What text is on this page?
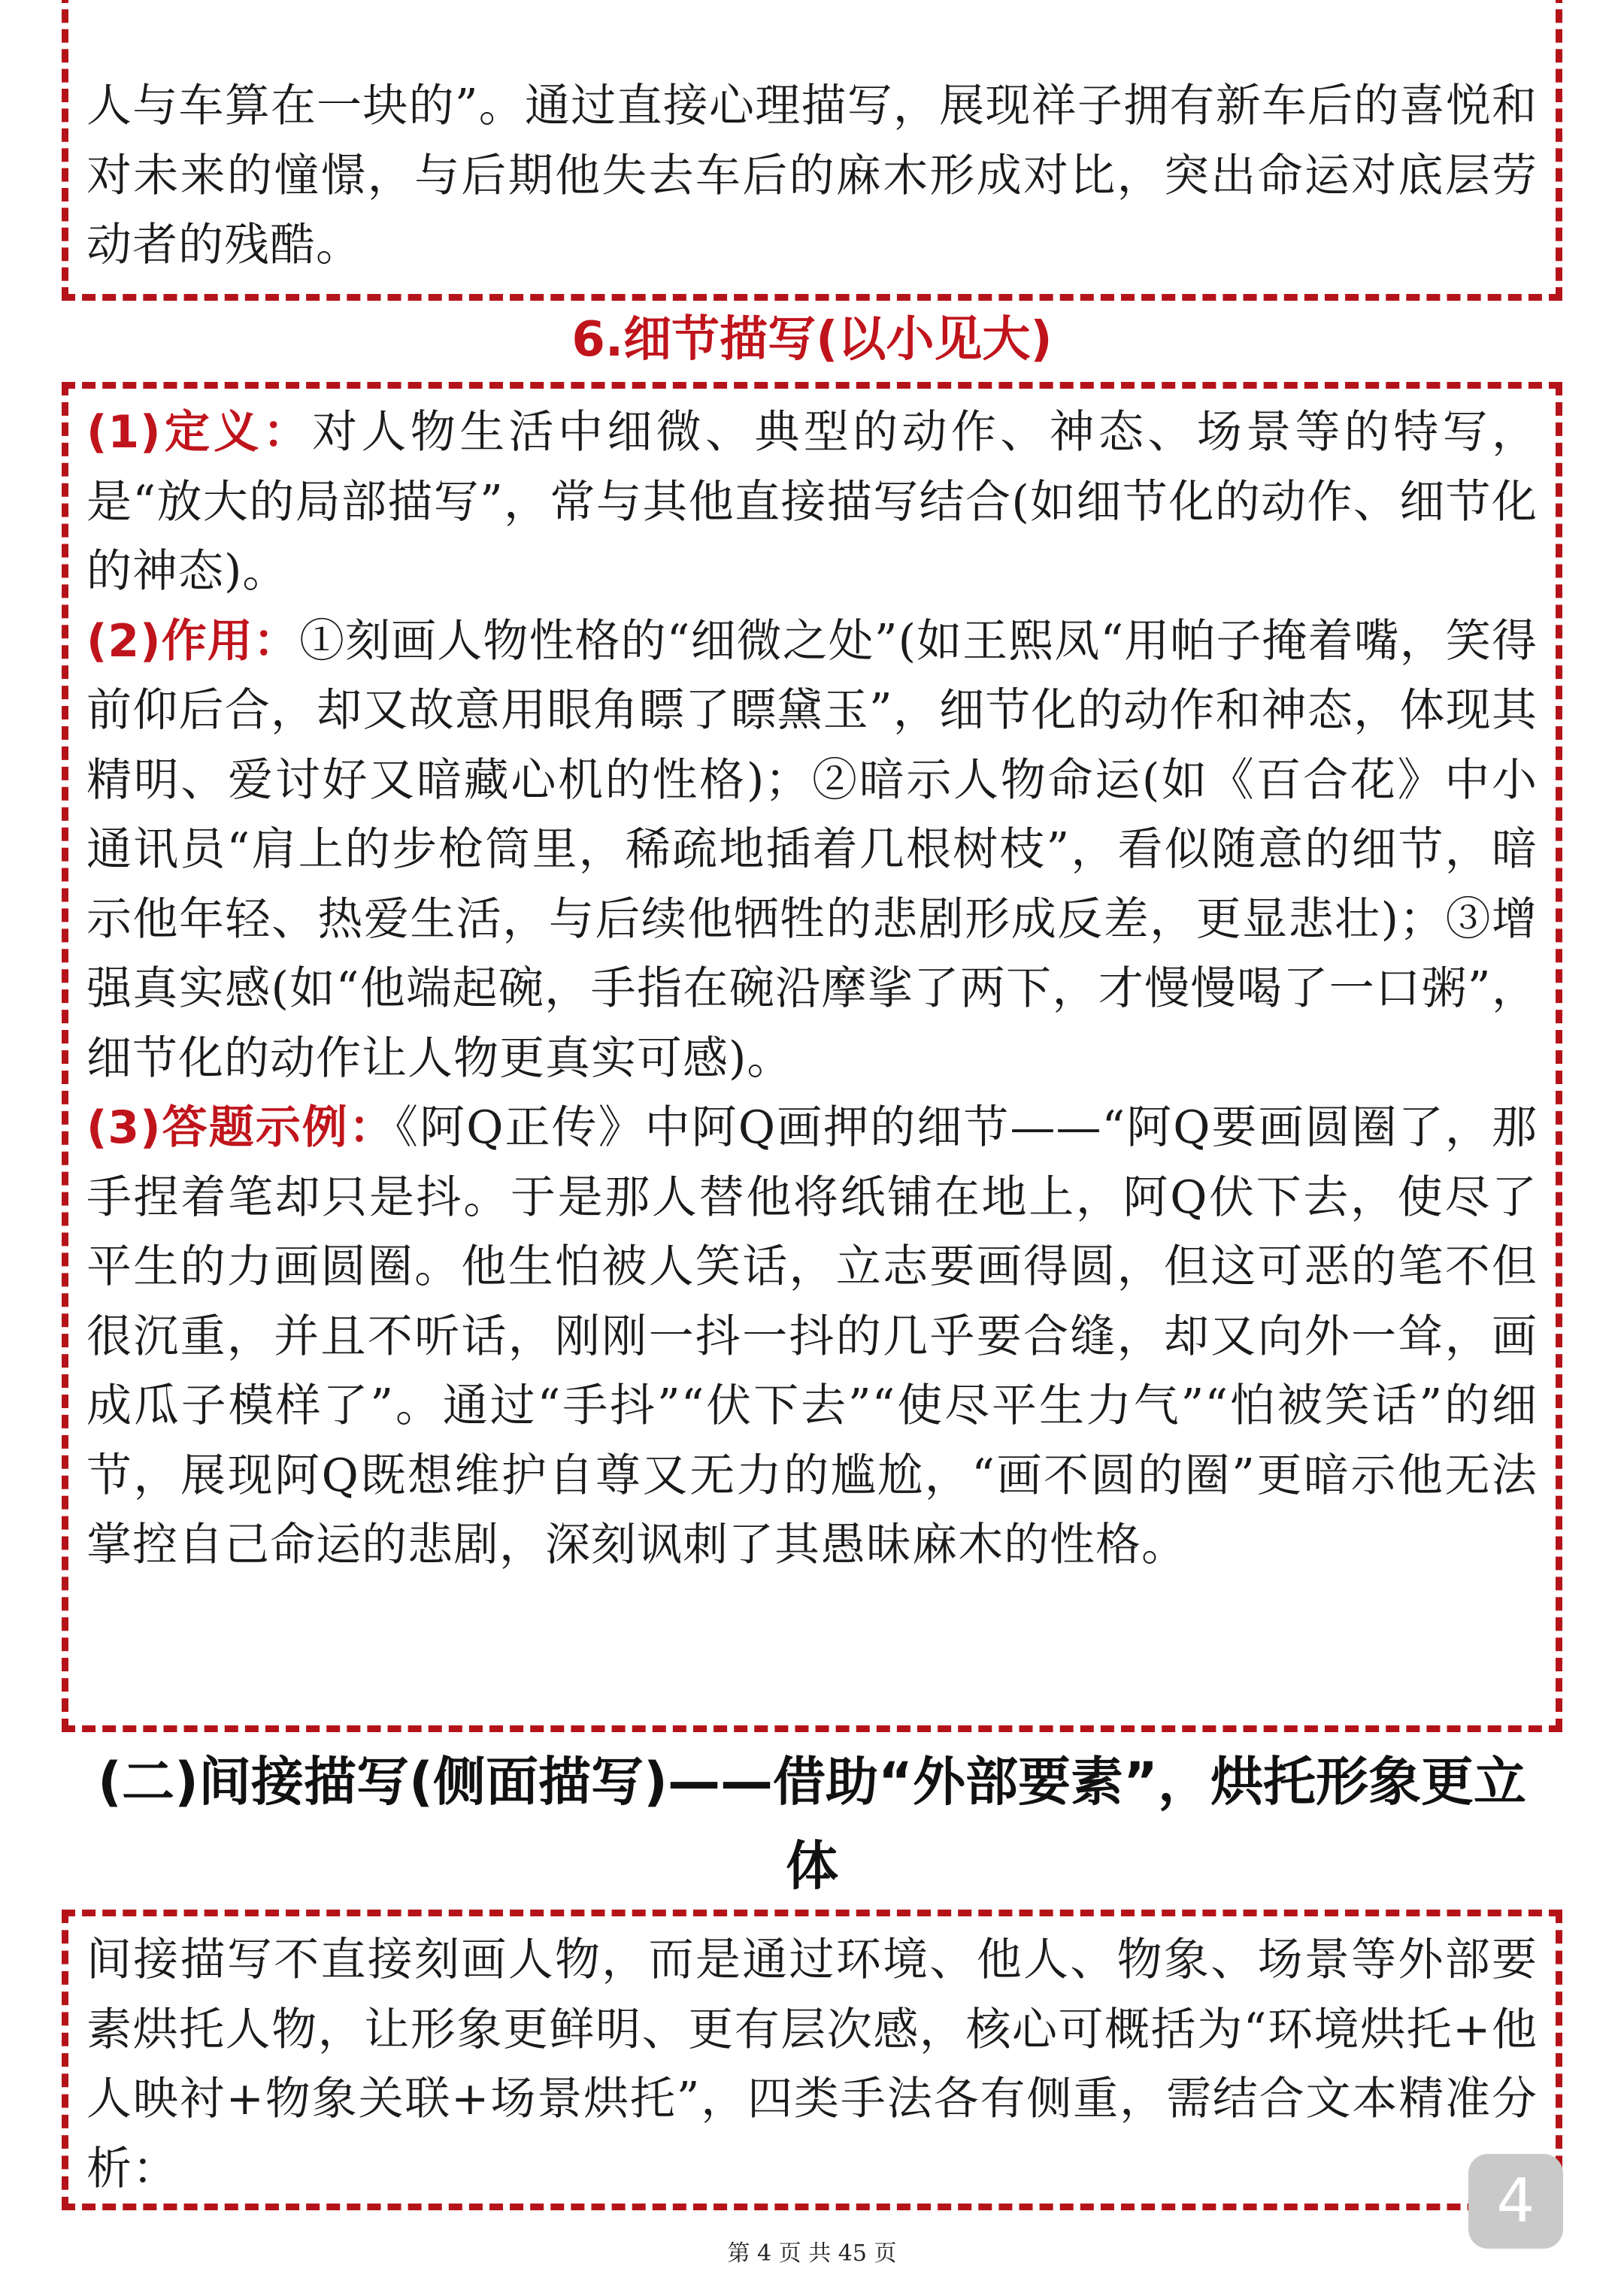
人与车算在一块的”。通过直接心理描写，展现祥子拥有新车后的喜悦和对未来的憧憬，与后期他失去车后的麻木形成对比，突出命运对底层劳动者的残酷。

6.细节描写(以小见大)

(1)定义：对人物生活中细微、典型的动作、神态、场景等的特写，是“放大的局部描写”，常与其他直接描写结合(如细节化的动作、细节化的神态)。

(2)作用：①刻画人物性格的“细微之处”(如王熙凤“用帕子掩着嘴，笑得前仰后合，却又故意用眼角瞟了瞟黛玉”，细节化的动作和神态，体现其精明、爱讨好又暗藏心机的性格)；②暗示人物命运(如《百合花》中小通讯员“肩上的步枪筒里，稀疏地插着几根树枝”，看似随意的细节，暗示他年轻、热爱生活，与后续他牺牲的悲剧形成反差，更显悲壮)；③增强真实感(如“他端起碗，手指在碗沿摩挲了两下，才慢慢喝了一口粥”，细节化的动作让人物更真实可感)。

(3)答题示例：《阿Q正传》中阿Q画押的细节——“阿Q要画圆圈了，那手捏着笔却只是抖。于是那人替他将纸铺在地上，阿Q伏下去，使尽了平生的力画圆圈。他生怕被人笑话，立志要画得圆，但这可恶的笔不但很沉重，并且不听话，刚刚一抖一抖的几乎要合缝，却又向外一耸，画成瓜子模样了”。通过“手抖”“伏下去”“使尽平生力气”“怕被笑话”的细节，展现阿Q既想维护自尊又无力的尴尬，“画不圆的圈”更暗示他无法掌控自己命运的悲剧，深刻讽刺了其愚昧麻木的性格。

(二)间接描写(侧面描写)——借助“外部要素”，烘托形象更立体

间接描写不直接刻画人物，而是通过环境、他人、物象、场景等外部要素烘托人物，让形象更鲜明、更有层次感，核心可概括为“环境烘托+他人映衬+物象关联+场景烘托”，四类手法各有侧重，需结合文本精准分析：	4
第 4 页 共 45 页
